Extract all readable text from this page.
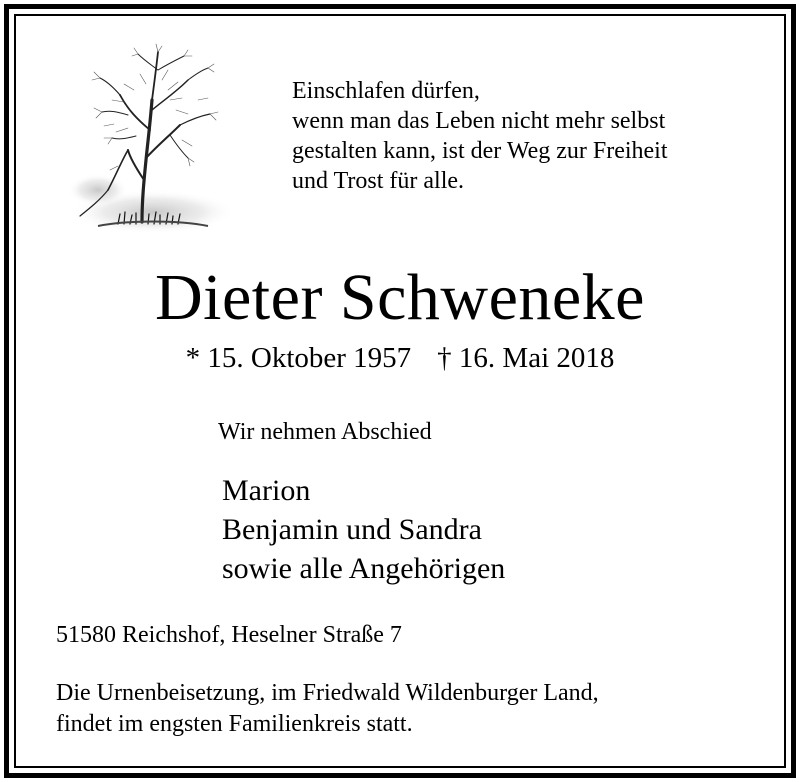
Einschlafen dürfen,
wenn man das Leben nicht mehr selbst
gestalten kann, ist der Weg zur Freiheit
und Trost für alle.
Dieter Schweneke
* 15. Oktober 1957 † 16. Mai 2018
Wir nehmen Abschied
Marion
Benjamin und Sandra
sowie alle Angehörigen
51580 Reichshof, Heselner Straße 7
Die Urnenbeisetzung, im Friedwald Wildenburger Land,
findet im engsten Familienkreis statt.
